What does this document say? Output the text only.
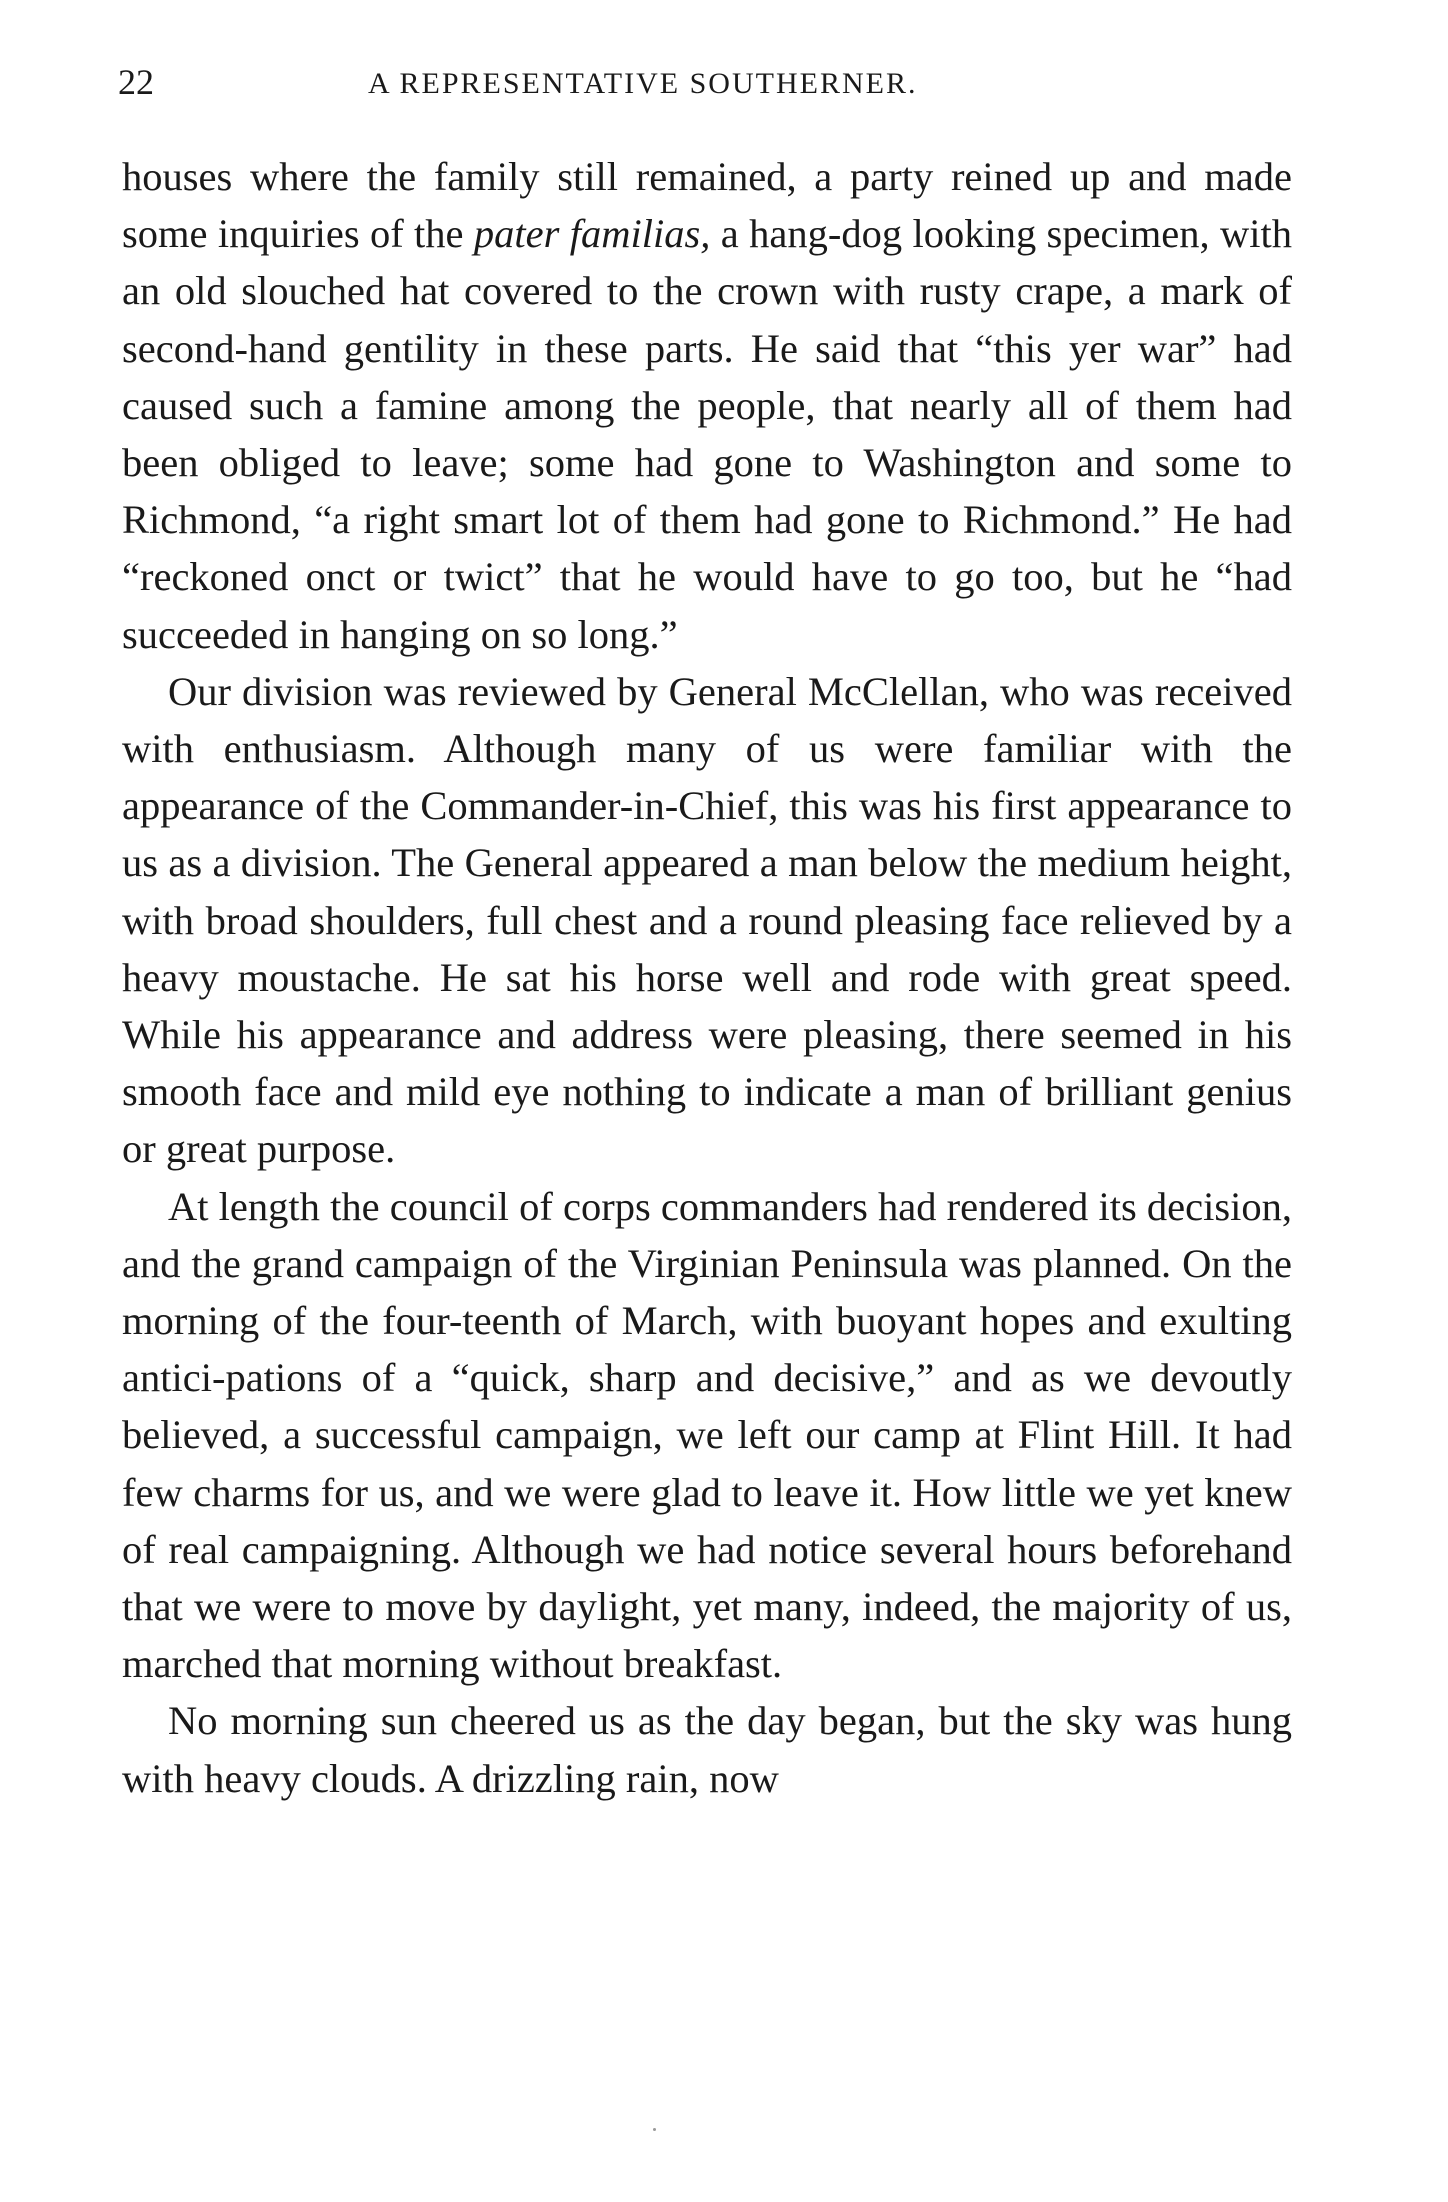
22	A REPRESENTATIVE SOUTHERNER.

houses where the family still remained, a party reined up and made some inquiries of the pater familias, a hang-dog looking specimen, with an old slouched hat covered to the crown with rusty crape, a mark of second-hand gentility in these parts. He said that “this yer war” had caused such a famine among the people, that nearly all of them had been obliged to leave; some had gone to Washington and some to Richmond, “a right smart lot of them had gone to Richmond.” He had “reckoned onct or twict” that he would have to go too, but he “had succeeded in hanging on so long.”

Our division was reviewed by General McClellan, who was received with enthusiasm. Although many of us were familiar with the appearance of the Commander-in-Chief, this was his first appearance to us as a division. The General appeared a man below the medium height, with broad shoulders, full chest and a round pleasing face relieved by a heavy moustache. He sat his horse well and rode with great speed. While his appearance and address were pleasing, there seemed in his smooth face and mild eye nothing to indicate a man of brilliant genius or great purpose.

At length the council of corps commanders had rendered its decision, and the grand campaign of the Virginian Peninsula was planned. On the morning of the four-teenth of March, with buoyant hopes and exulting antici-pations of a “quick, sharp and decisive,” and as we devoutly believed, a successful campaign, we left our camp at Flint Hill. It had few charms for us, and we were glad to leave it. How little we yet knew of real campaigning. Although we had notice several hours beforehand that we were to move by daylight, yet many, indeed, the majority of us, marched that morning without breakfast.

No morning sun cheered us as the day began, but the sky was hung with heavy clouds. A drizzling rain, now
